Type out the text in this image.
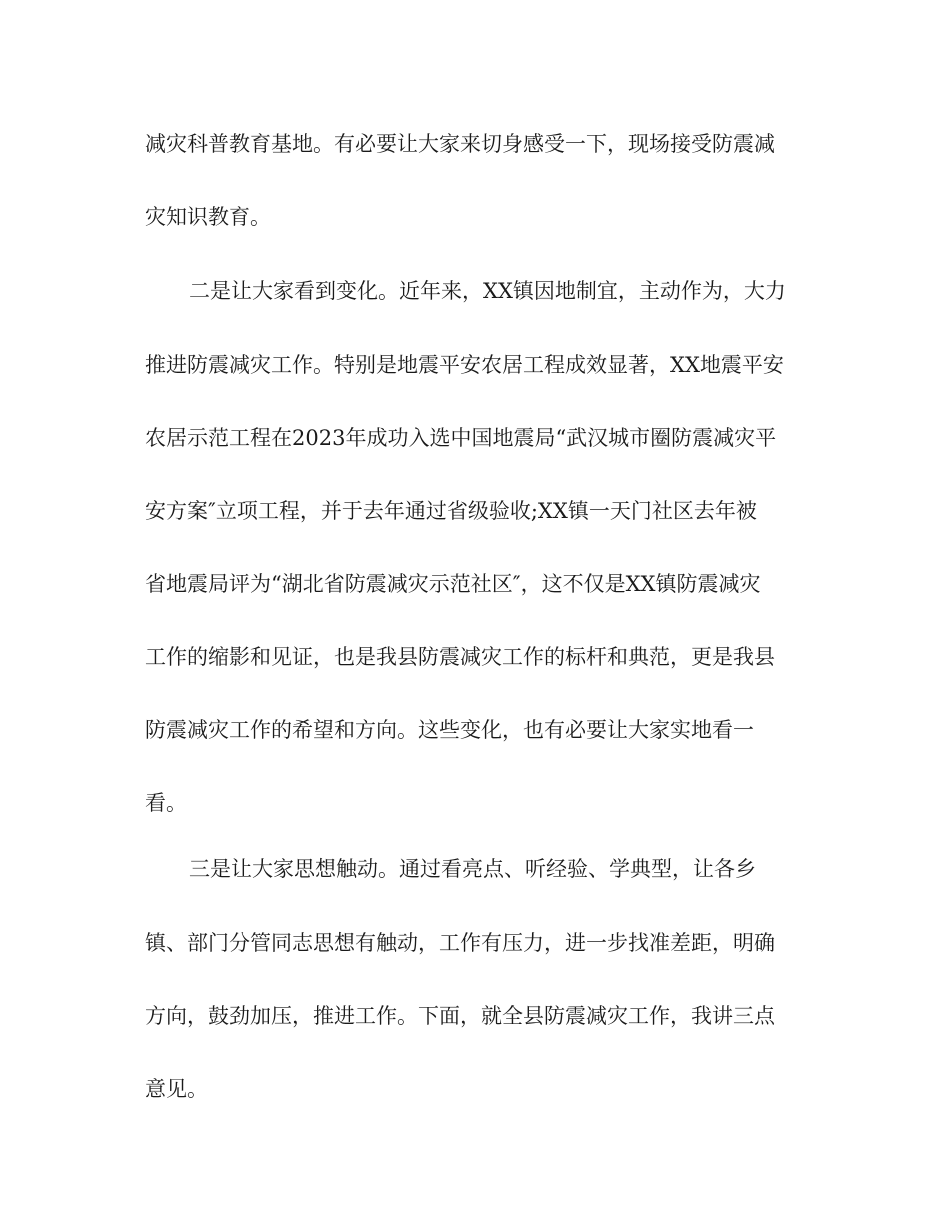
减灾科普教育基地。有必要让大家来切身感受一下，现场接受防震减

灾知识教育。

二是让大家看到变化。近年来，XX镇因地制宜，主动作为，大力

推进防震减灾工作。特别是地震平安农居工程成效显著，XX地震平安

农居示范工程在2023年成功入选中国地震局“武汉城市圈防震减灾平

安方案″立项工程，并于去年通过省级验收;XX镇一天门社区去年被

省地震局评为“湖北省防震减灾示范社区″，这不仅是XX镇防震减灾

工作的缩影和见证，也是我县防震减灾工作的标杆和典范，更是我县

防震减灾工作的希望和方向。这些变化，也有必要让大家实地看一

看。

三是让大家思想触动。通过看亮点、听经验、学典型，让各乡

镇、部门分管同志思想有触动，工作有压力，进一步找准差距，明确

方向，鼓劲加压，推进工作。下面，就全县防震减灾工作，我讲三点

意见。
